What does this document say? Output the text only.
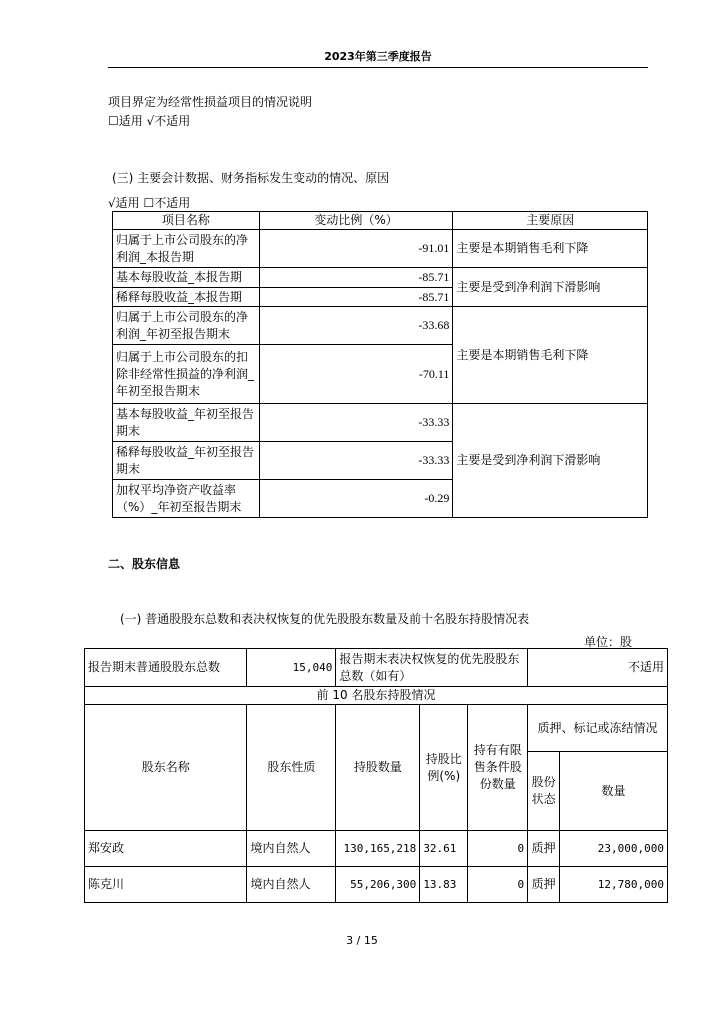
2023年第三季度报告
项目界定为经常性损益项目的情况说明
☐适用 √不适用
(三) 主要会计数据、财务指标发生变动的情况、原因
√适用 ☐不适用
项目名称	变动比例（%）	主要原因
归属于上市公司股东的净利润_本报告期	-91.01	主要是本期销售毛利下降
基本每股收益_本报告期	-85.71	主要是受到净利润下滑影响
稀释每股收益_本报告期	-85.71	
归属于上市公司股东的净利润_年初至报告期末	-33.68	主要是本期销售毛利下降
归属于上市公司股东的扣除非经常性损益的净利润_年初至报告期末	-70.11	
基本每股收益_年初至报告期末	-33.33	主要是受到净利润下滑影响
稀释每股收益_年初至报告期末	-33.33	
加权平均净资产收益率（%）_年初至报告期末	-0.29	
二、股东信息
(一) 普通股股东总数和表决权恢复的优先股股东数量及前十名股东持股情况表
单位：股
报告期末普通股股东总数	15,040	报告期末表决权恢复的优先股股东总数（如有）			不适用	
前 10 名股东持股情况						
股东名称	股东性质	持股数量	持股比例(%)	持有有限售条件股份数量	质押、标记或冻结情况	
					股份状态	数量
郑安政	境内自然人	130,165,218	32.61	0	质押	23,000,000
陈克川	境内自然人	55,206,300	13.83	0	质押	12,780,000
3 / 15
